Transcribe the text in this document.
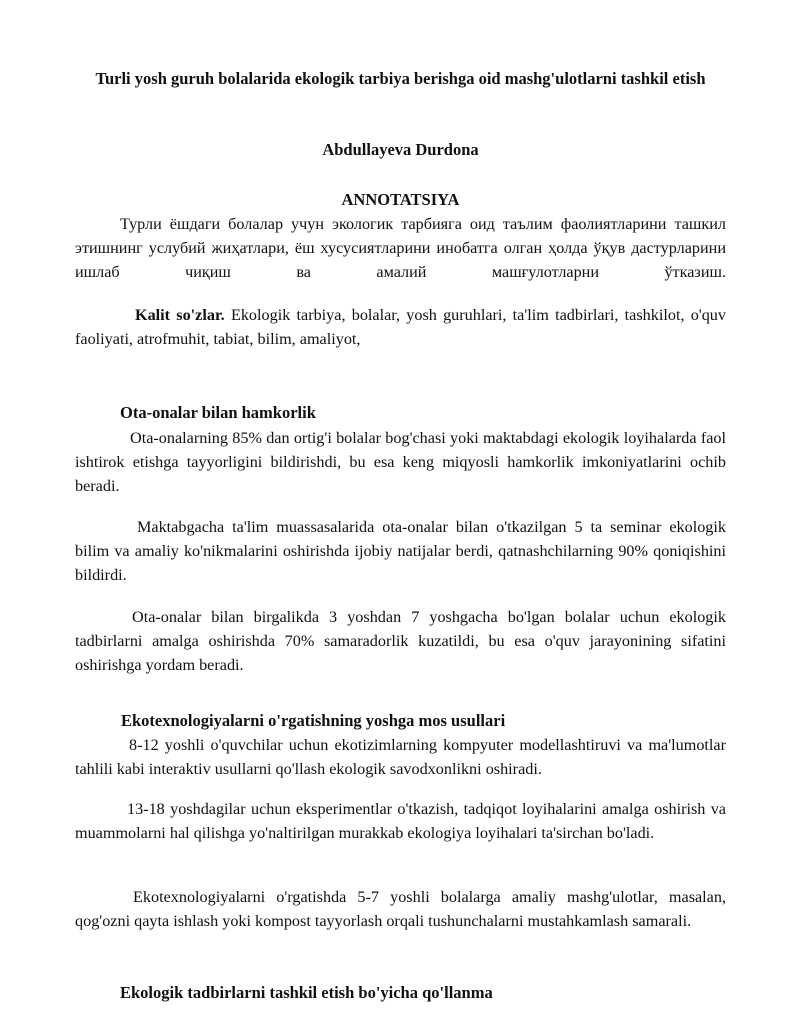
Turli yosh guruh bolalarida ekologik tarbiya berishga oid mashg'ulotlarni tashkil etish
Abdullayeva Durdona
ANNOTATSIYA
Турли ёшдаги болалар учун экологик тарбияга оид таълим фаолиятларини ташкил этишнинг услубий жиҳатлари, ёш хусусиятларини инобатга олган ҳолда ўқув дастурларини ишлаб чиқиш ва амалий машғулотларни ўтказиш.
Kalit so'zlar. Ekologik tarbiya, bolalar, yosh guruhlari, ta'lim tadbirlari, tashkilot, o'quv faoliyati, atrofmuhit, tabiat, bilim, amaliyot,
Ota-onalar bilan hamkorlik
Ota-onalarning 85% dan ortig'i bolalar bog'chasi yoki maktabdagi ekologik loyihalarda faol ishtirok etishga tayyorligini bildirishdi, bu esa keng miqyosli hamkorlik imkoniyatlarini ochib beradi.
Maktabgacha ta'lim muassasalarida ota-onalar bilan o'tkazilgan 5 ta seminar ekologik bilim va amaliy ko'nikmalarini oshirishda ijobiy natijalar berdi, qatnashchilarning 90% qoniqishini bildirdi.
Ota-onalar bilan birgalikda 3 yoshdan 7 yoshgacha bo'lgan bolalar uchun ekologik tadbirlarni amalga oshirishda 70% samaradorlik kuzatildi, bu esa o'quv jarayonining sifatini oshirishga yordam beradi.
Ekotexnologiyalarni o'rgatishning yoshga mos usullari
8-12 yoshli o'quvchilar uchun ekotizimlarning kompyuter modellashtiruvi va ma'lumotlar tahlili kabi interaktiv usullarni qo'llash ekologik savodxonlikni oshiradi.
13-18 yoshdagilar uchun eksperimentlar o'tkazish, tadqiqot loyihalarini amalga oshirish va muammolarni hal qilishga yo'naltirilgan murakkab ekologiya loyihalari ta'sirchan bo'ladi.
Ekotexnologiyalarni o'rgatishda 5-7 yoshli bolalarga amaliy mashg'ulotlar, masalan, qog'ozni qayta ishlash yoki kompost tayyorlash orqali tushunchalarni mustahkamlash samarali.
Ekologik tadbirlarni tashkil etish bo'yicha qo'llanma
